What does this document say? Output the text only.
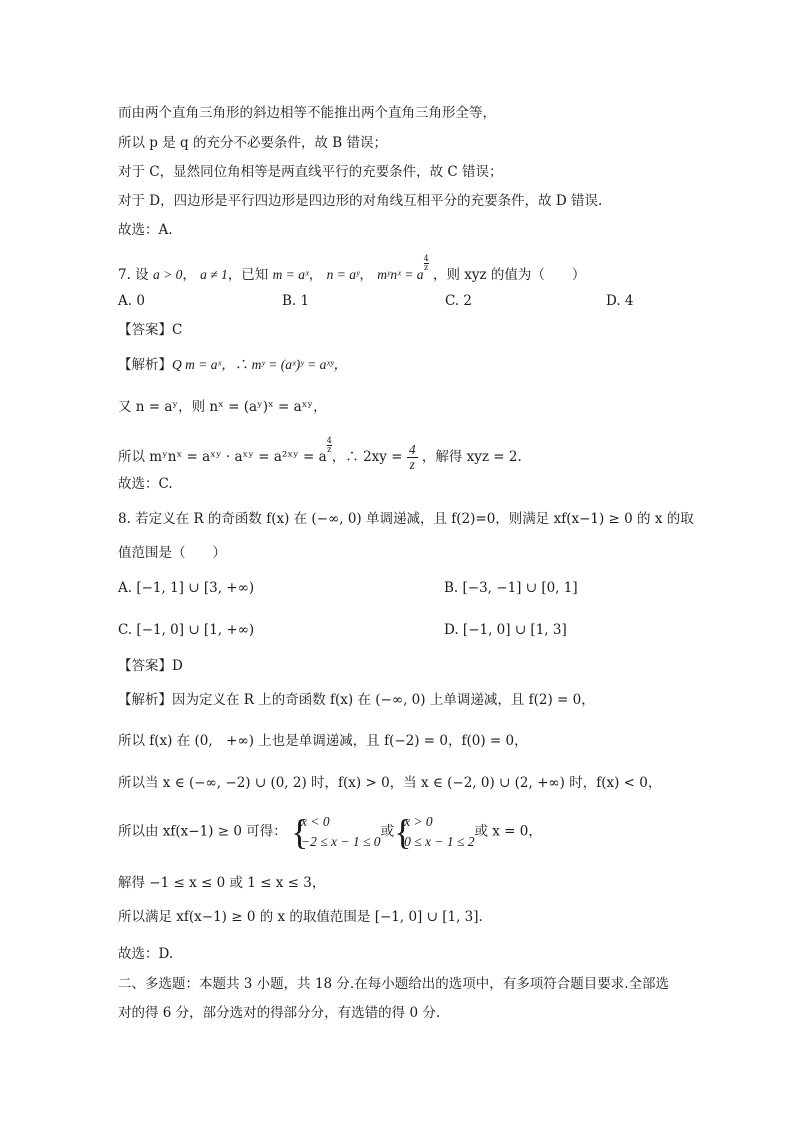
而由两个直角三角形的斜边相等不能推出两个直角三角形全等，
所以 p 是 q 的充分不必要条件，故 B 错误；
对于 C，显然同位角相等是两直线平行的充要条件，故 C 错误；
对于 D，四边形是平行四边形是四边形的对角线互相平分的充要条件，故 D 错误.
故选：A.
7. 设 a > 0， a ≠ 1，已知 m = aˣ， n = aʸ， mʸnˣ = a
$^{\frac{4}{z}}$
，则 xyz 的值为（　　）
A. 0	B. 1	C. 2	D. 4
【答案】C
【解析】Q m = aˣ，∴ mʸ = (aˣ)ʸ = aˣʸ，
又 n = aʸ，则 nˣ = (aʸ)ˣ = aˣʸ，
所以 mʸnˣ = aˣʸ · aˣʸ = a²ˣʸ = a
$^{\frac{4}{z}}$
，∴ $2xy = \frac{4}{z}$ ，解得 xyz = 2.
故选：C.
8. 若定义在 R 的奇函数 f(x) 在 (−∞, 0) 单调递减，且 f(2)=0，则满足 xf(x−1) ≥ 0 的 x 的取
值范围是（　　）
A. [−1, 1] ∪ [3, +∞)	B. [−3, −1] ∪ [0, 1]
C. [−1, 0] ∪ [1, +∞)	D. [−1, 0] ∪ [1, 3]
【答案】D
【解析】因为定义在 R 上的奇函数 f(x) 在 (−∞, 0) 上单调递减，且 f(2) = 0，
所以 f(x) 在 (0,　+∞) 上也是单调递减，且 f(−2) = 0，f(0) = 0，
所以当 x ∈ (−∞, −2) ∪ (0, 2) 时，f(x) > 0，当 x ∈ (−2, 0) ∪ (2, +∞) 时，f(x) < 0，
所以由 xf(x−1) ≥ 0 可得： {
x < 0
−2 ≤ x − 1 ≤ 0
或 {
x > 0
0 ≤ x − 1 ≤ 2
或 x = 0，
解得 −1 ≤ x ≤ 0 或 1 ≤ x ≤ 3，
所以满足 xf(x−1) ≥ 0 的 x 的取值范围是 [−1, 0] ∪ [1, 3].
故选：D.
二、多选题：本题共 3 小题，共 18 分.在每小题给出的选项中，有多项符合题目要求.全部选
对的得 6 分，部分选对的得部分分，有选错的得 0 分.
